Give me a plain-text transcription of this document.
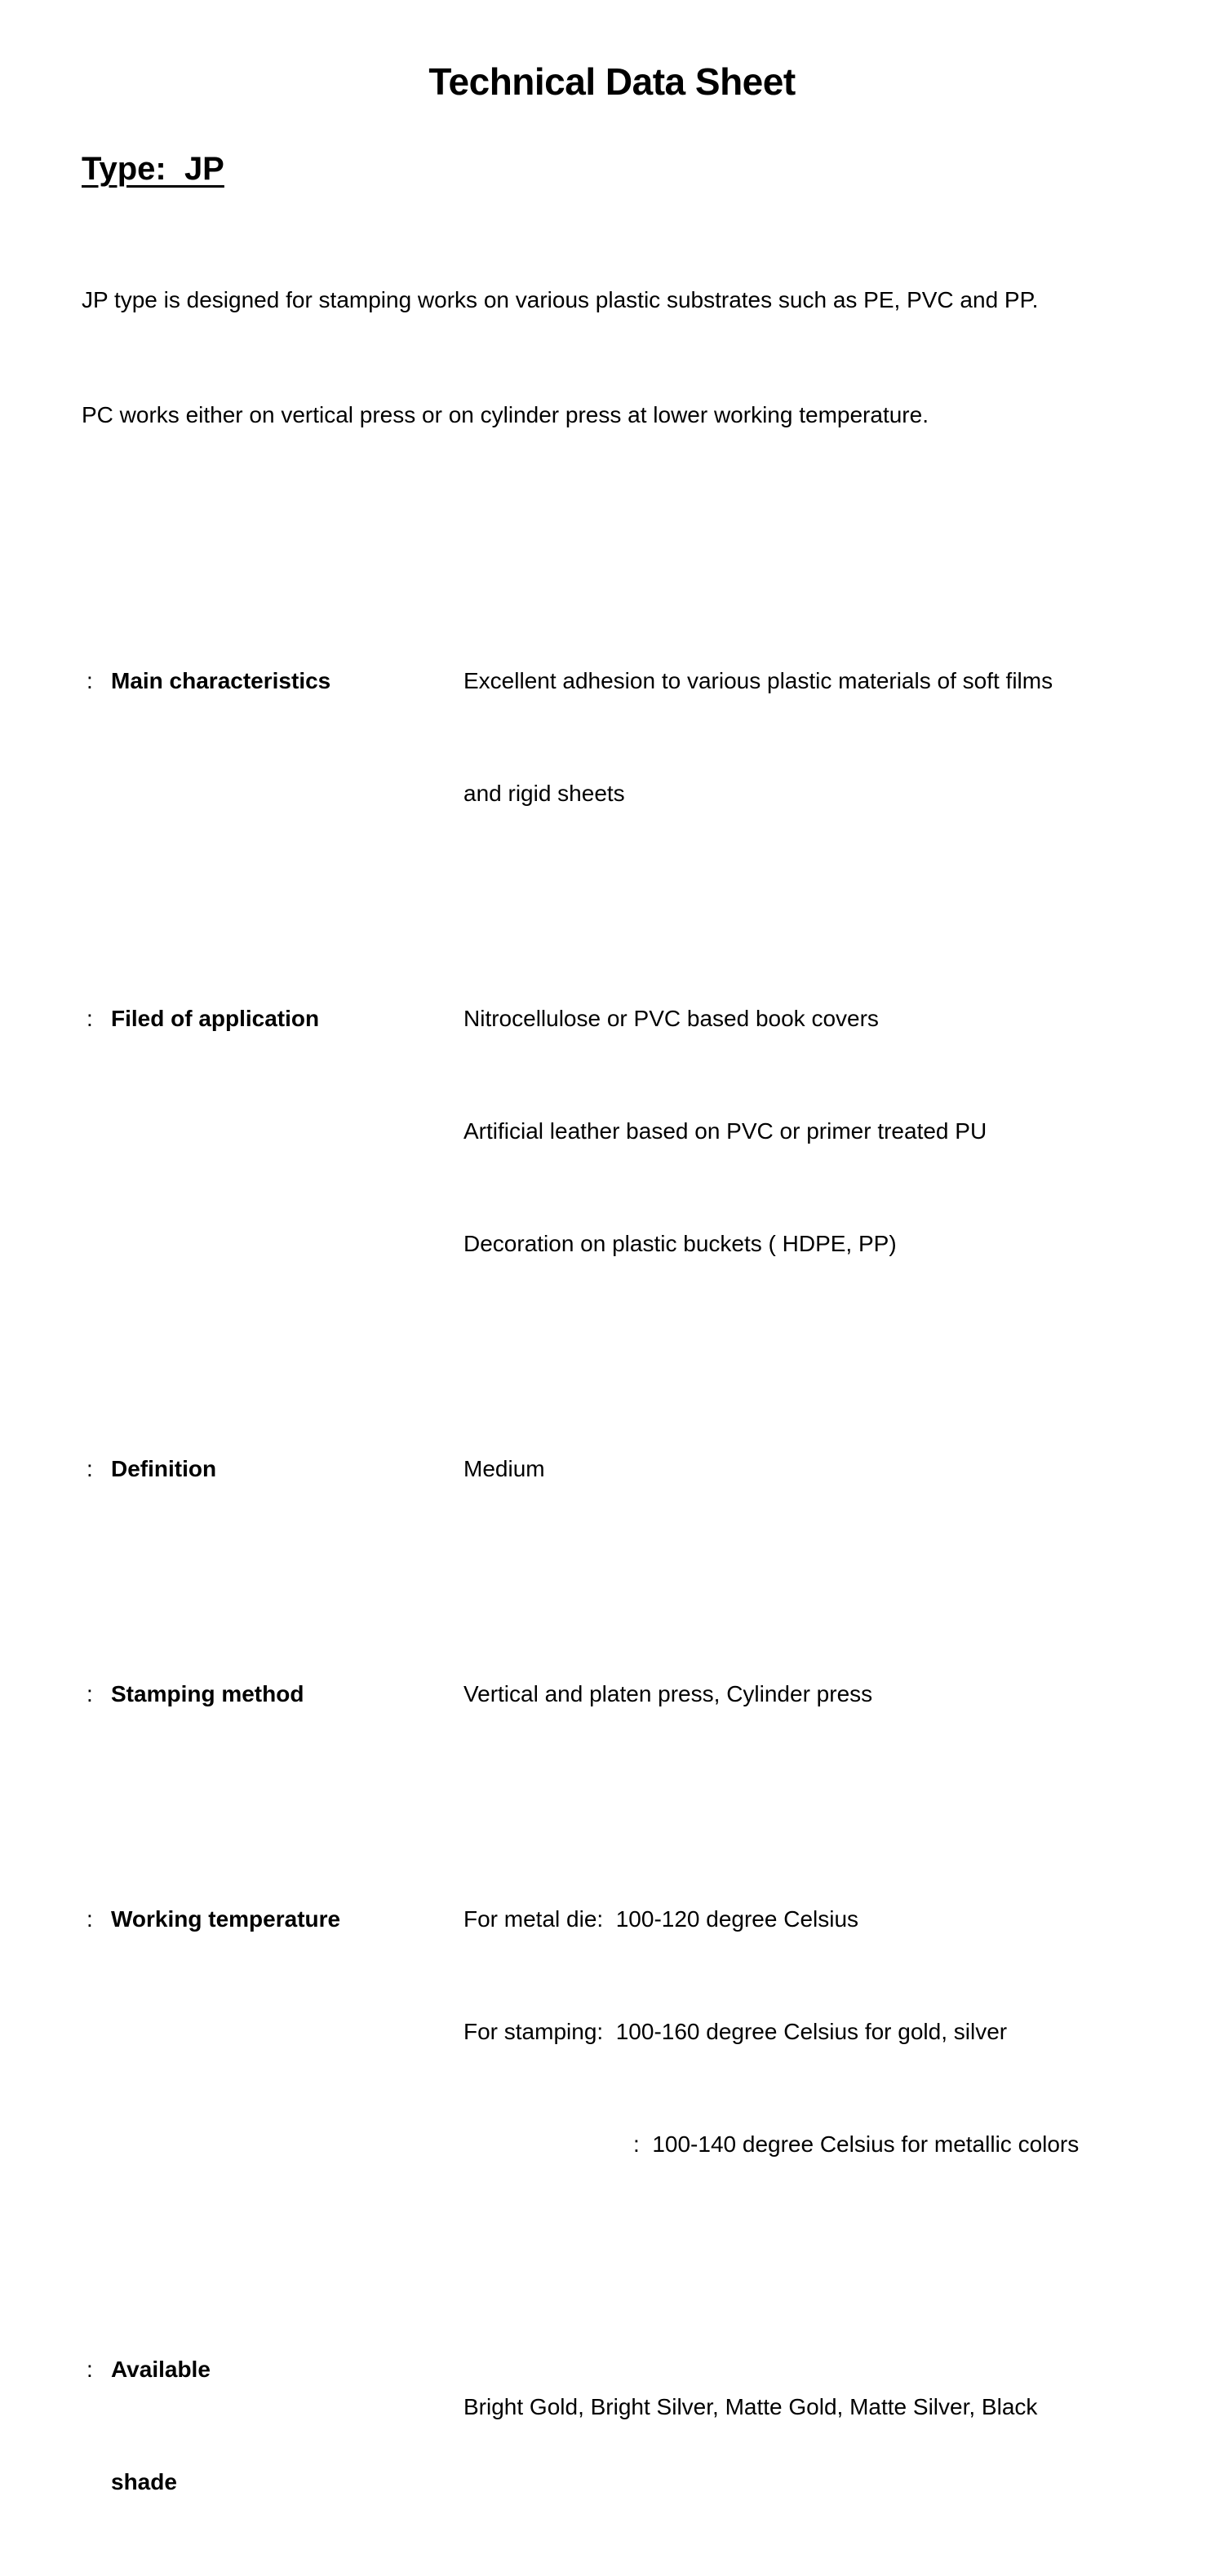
Technical Data Sheet
Type:  JP

JP type is designed for stamping works on various plastic substrates such as PE, PVC and PP.

PC works either on vertical press or on cylinder press at lower working temperature.

: Main characteristics

	Excellent adhesion to various plastic materials of soft films

and rigid sheets

: Filed of application

	Nitrocellulose or PVC based book covers

Artificial leather based on PVC or primer treated PU

Decoration on plastic buckets ( HDPE, PP)

: Definition

	Medium

: Stamping method

	Vertical and platen press, Cylinder press

: Working temperature

	For metal die:  100-120 degree Celsius

For stamping:  100-160 degree Celsius for gold, silver

:  100-140 degree Celsius for metallic colors

: Available

shade

Bright Gold, Bright Silver, Matte Gold, Matte Silver, Black
